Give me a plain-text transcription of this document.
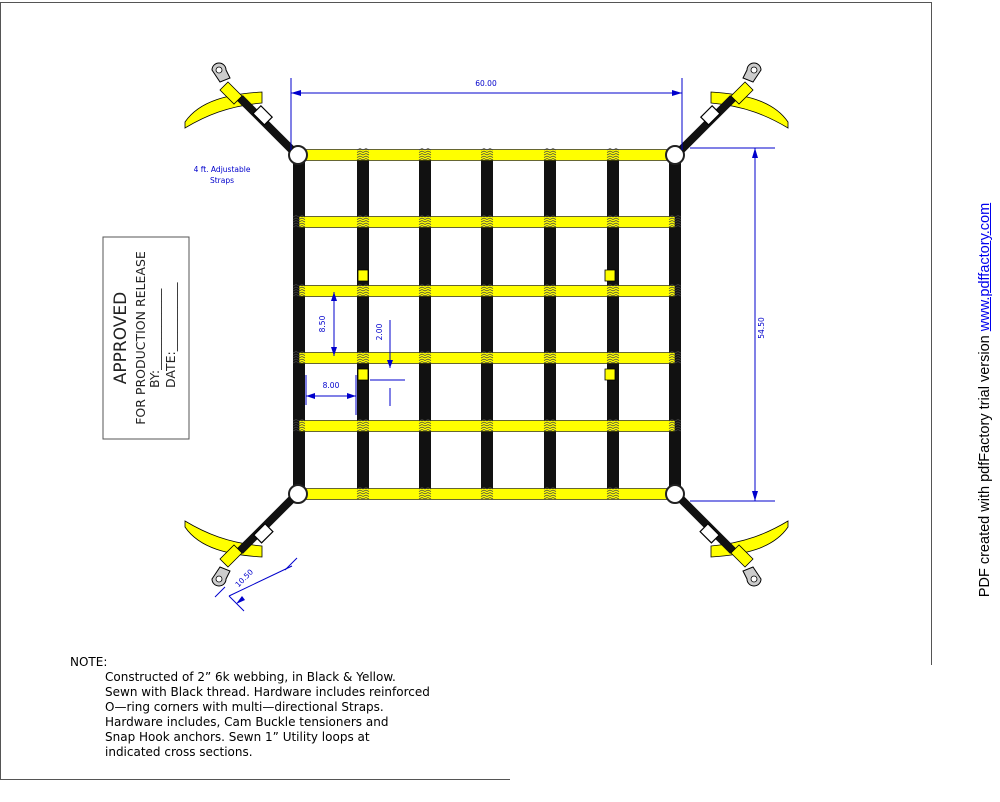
60.00
54.50
8.50	2.00
8.00
10.50
4 ft. Adjustable
Straps
APPROVED FOR PRODUCTION RELEASE BY:_____________ DATE:___________
NOTE:
Constructed of 2” 6k webbing, in Black & Yellow.
Sewn with Black thread. Hardware includes reinforced
O—ring corners with multi—directional Straps.
Hardware includes, Cam Buckle tensioners and
Snap Hook anchors. Sewn 1” Utility loops at
indicated cross sections.
PDF created with pdfFactory trial version www.pdffactory.com
